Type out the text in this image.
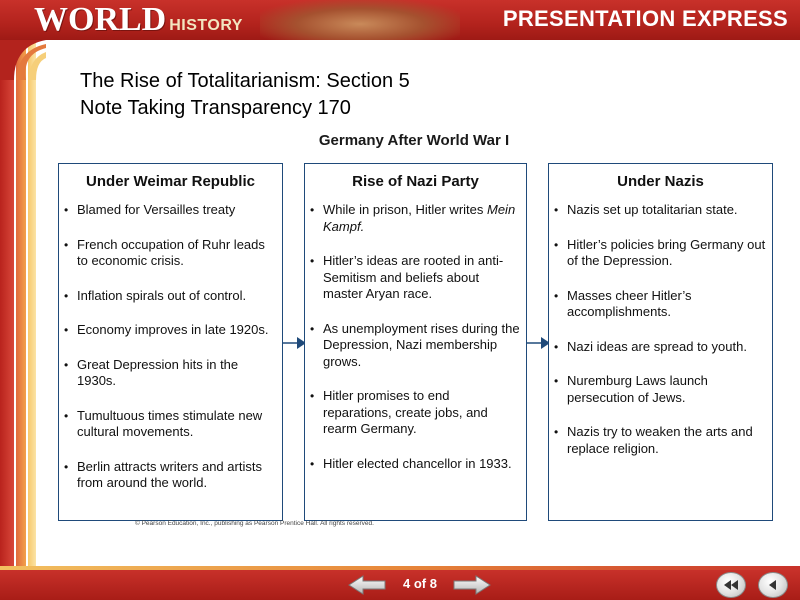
WORLD HISTORY	PRESENTATION EXPRESS
The Rise of Totalitarianism: Section 5
Note Taking Transparency 170
Germany After World War I
Under Weimar Republic
• Blamed for Versailles treaty
• French occupation of Ruhr leads to economic crisis.
• Inflation spirals out of control.
• Economy improves in late 1920s.
• Great Depression hits in the 1930s.
• Tumultuous times stimulate new cultural movements.
• Berlin attracts writers and artists from around the world.
Rise of Nazi Party
• While in prison, Hitler writes Mein Kampf.
• Hitler’s ideas are rooted in anti-Semitism and beliefs about master Aryan race.
• As unemployment rises during the Depression, Nazi membership grows.
• Hitler promises to end reparations, create jobs, and rearm Germany.
• Hitler elected chancellor in 1933.
Under Nazis
• Nazis set up totalitarian state.
• Hitler’s policies bring Germany out of the Depression.
• Masses cheer Hitler’s accomplishments.
• Nazi ideas are spread to youth.
• Nuremburg Laws launch persecution of Jews.
• Nazis try to weaken the arts and replace religion.
© Pearson Education, Inc., publishing as Pearson Prentice Hall. All rights reserved.
4 of 8
